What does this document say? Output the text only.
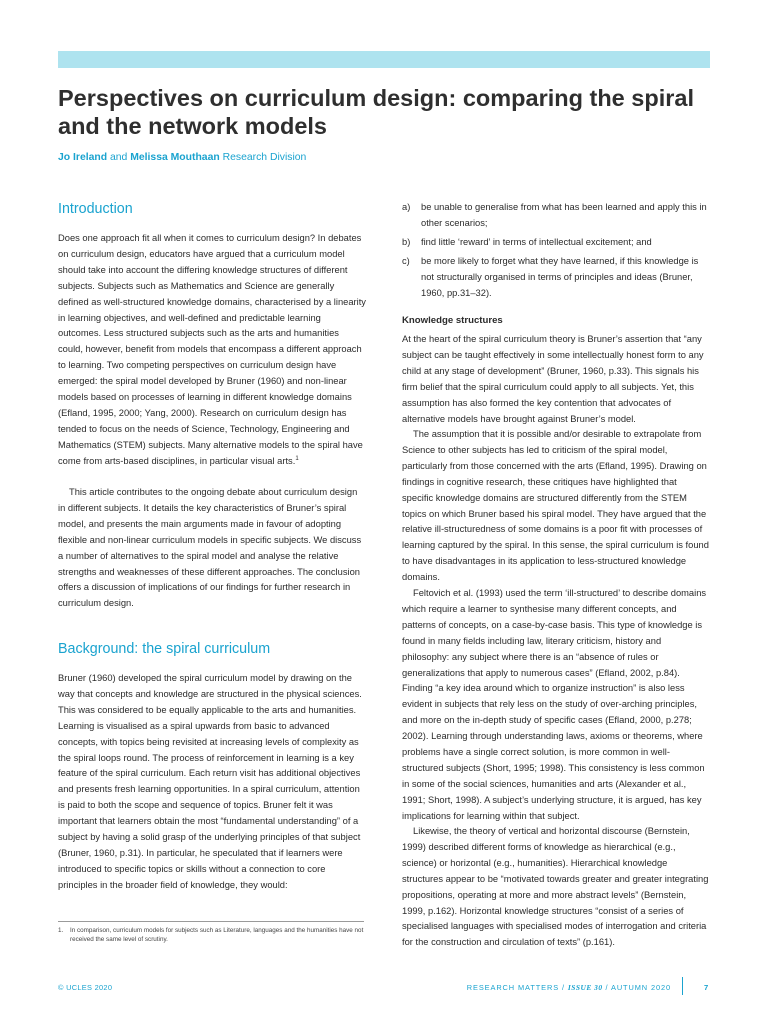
Perspectives on curriculum design: comparing the spiral and the network models
Jo Ireland and Melissa Mouthaan Research Division
Introduction
Does one approach fit all when it comes to curriculum design? In debates on curriculum design, educators have argued that a curriculum model should take into account the differing knowledge structures of different subjects. Subjects such as Mathematics and Science are generally defined as well-structured knowledge domains, characterised by a linearity in learning objectives, and well-defined and predictable learning outcomes. Less structured subjects such as the arts and humanities could, however, benefit from models that encompass a different approach to learning. Two competing perspectives on curriculum design have emerged: the spiral model developed by Bruner (1960) and non-linear models based on processes of learning in different knowledge domains (Efland, 1995, 2000; Yang, 2000). Research on curriculum design has tended to focus on the needs of Science, Technology, Engineering and Mathematics (STEM) subjects. Many alternative models to the spiral have come from arts-based disciplines, in particular visual arts.$^1$

This article contributes to the ongoing debate about curriculum design in different subjects. It details the key characteristics of Bruner’s spiral model, and presents the main arguments made in favour of adopting flexible and non-linear curriculum models in specific subjects. We discuss a number of alternatives to the spiral model and analyse the relative strengths and weaknesses of these different approaches. The conclusion offers a discussion of implications of our findings for further research in curriculum design.

Background: the spiral curriculum

Bruner (1960) developed the spiral curriculum model by drawing on the way that concepts and knowledge are structured in the physical sciences. This was considered to be equally applicable to the arts and humanities. Learning is visualised as a spiral upwards from basic to advanced concepts, with topics being revisited at increasing levels of complexity as the spiral loops round. The process of reinforcement in learning is a key feature of the spiral curriculum. Each return visit has additional objectives and presents fresh learning opportunities. In a spiral curriculum, attention is paid to both the scope and sequence of topics. Bruner felt it was important that learners obtain the most “fundamental understanding” of a subject by having a solid grasp of the underlying principles of that subject (Bruner, 1960, p.31). In particular, he speculated that if learners were introduced to specific topics or skills without a connection to core principles in the broader field of knowledge, they would:

1.	In comparison, curriculum models for subjects such as Literature, languages and the humanities have not received the same level of scrutiny.
a) be unable to generalise from what has been learned and apply this in other scenarios;
b) find little ‘reward’ in terms of intellectual excitement; and
c) be more likely to forget what they have learned, if this knowledge is not structurally organised in terms of principles and ideas (Bruner, 1960, pp.31–32).
Knowledge structures

At the heart of the spiral curriculum theory is Bruner’s assertion that “any subject can be taught effectively in some intellectually honest form to any child at any stage of development” (Bruner, 1960, p.33). This signals his firm belief that the spiral curriculum could apply to all subjects. Yet, this assumption has also formed the key contention that advocates of alternative models have brought against Bruner’s model.

The assumption that it is possible and/or desirable to extrapolate from Science to other subjects has led to criticism of the spiral model, particularly from those concerned with the arts (Efland, 1995). Drawing on findings in cognitive research, these critiques have highlighted that specific knowledge domains are structured differently from the STEM topics on which Bruner based his spiral model. They have argued that the relative ill-structuredness of some domains is a poor fit with processes of learning captured by the spiral. In this sense, the spiral curriculum is found to have disadvantages in its application to less-structured knowledge domains.

Feltovich et al. (1993) used the term ‘ill-structured’ to describe domains which require a learner to synthesise many different concepts, and patterns of concepts, on a case-by-case basis. This type of knowledge is found in many fields including law, literary criticism, history and philosophy: any subject where there is an “absence of rules or generalizations that apply to numerous cases” (Efland, 2002, p.84). Finding “a key idea around which to organize instruction” is also less evident in subjects that rely less on the study of over-arching principles, and more on the in-depth study of specific cases (Efland, 2000, p.278; 2002). Learning through understanding laws, axioms or theorems, where problems have a single correct solution, is more common in well-structured subjects (Short, 1995; 1998). This consistency is less common in some of the social sciences, humanities and arts (Alexander et al., 1991; Short, 1998). A subject’s underlying structure, it is argued, has key implications for learning within that subject.

Likewise, the theory of vertical and horizontal discourse (Bernstein, 1999) described different forms of knowledge as hierarchical (e.g., science) or horizontal (e.g., humanities). Hierarchical knowledge structures appear to be “motivated towards greater and greater integrating propositions, operating at more and more abstract levels” (Bernstein, 1999, p.162). Horizontal knowledge structures “consist of a series of specialised languages with specialised modes of interrogation and criteria for the construction and circulation of texts” (p.161).

© UCLES 2020	RESEARCH MATTERS / ISSUE 30 / AUTUMN 2020	7
